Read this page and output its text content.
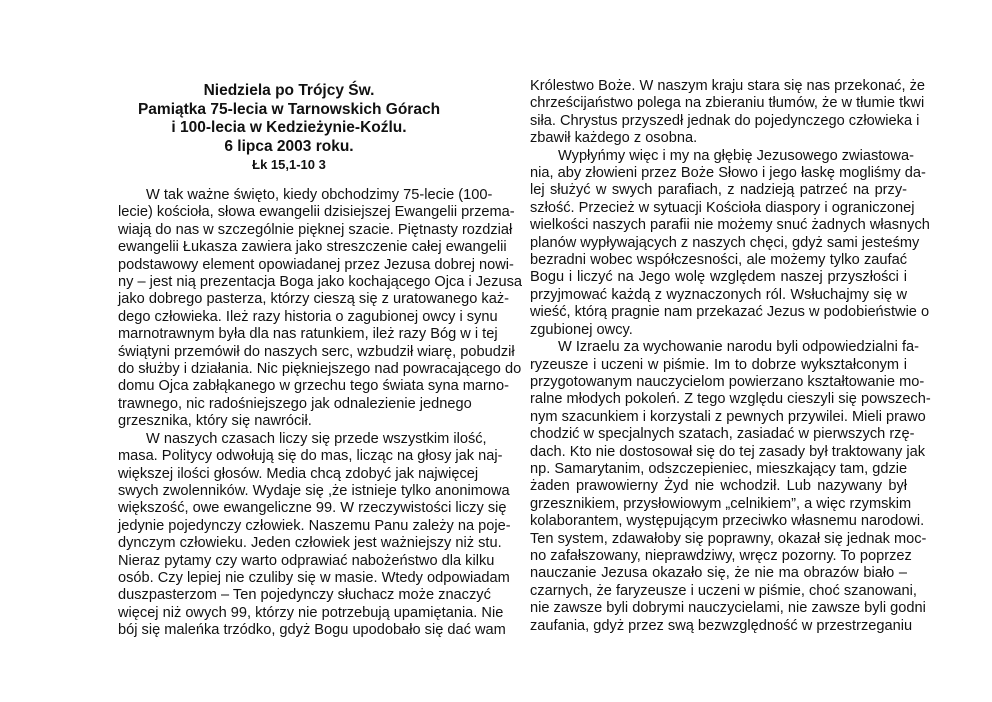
Niedziela po Trójcy Św.
Pamiątka 75-lecia w Tarnowskich Górach
i 100-lecia w Kedzieżynie-Koźlu.
6 lipca 2003 roku.
Łk 15,1-10 3
W tak ważne święto, kiedy obchodzimy 75-lecie (100-
lecie) kościoła, słowa ewangelii dzisiejszej Ewangelii przema-
wiają do nas w szczególnie pięknej szacie. Piętnasty rozdział
ewangelii Łukasza zawiera jako streszczenie całej ewangelii
podstawowy element opowiadanej przez Jezusa dobrej nowi-
ny – jest nią prezentacja Boga jako kochającego Ojca i Jezusa
jako dobrego pasterza, którzy cieszą się z uratowanego każ-
dego człowieka. Ileż razy historia o zagubionej owcy i synu
marnotrawnym była dla nas ratunkiem, ileż razy Bóg w i tej
świątyni przemówił do naszych serc, wzbudził wiarę, pobudził
do służby i działania. Nic piękniejszego nad powracającego do
domu Ojca zabłąkanego w grzechu tego świata syna marno-
trawnego, nic radośniejszego jak odnalezienie jednego
grzesznika, który się nawrócił.
W naszych czasach liczy się przede wszystkim ilość,
masa. Politycy odwołują się do mas, licząc na głosy jak naj-
większej ilości głosów. Media chcą zdobyć jak najwięcej
swych zwolenników. Wydaje się ,że istnieje tylko anonimowa
większość, owe ewangeliczne 99. W rzeczywistości liczy się
jedynie pojedynczy człowiek. Naszemu Panu zależy na poje-
dynczym człowieku. Jeden człowiek jest ważniejszy niż stu.
Nieraz pytamy czy warto odprawiać nabożeństwo dla kilku
osób. Czy lepiej nie czuliby się w masie. Wtedy odpowiadam
duszpasterzom – Ten pojedynczy słuchacz może znaczyć
więcej niż owych 99, którzy nie potrzebują upamiętania. Nie
bój się maleńka trzódko, gdyż Bogu upodobało się dać wam
Królestwo Boże. W naszym kraju stara się nas przekonać, że
chrześcijaństwo polega na zbieraniu tłumów, że w tłumie tkwi
siła. Chrystus przyszedł jednak do pojedynczego człowieka i
zbawił każdego z osobna.
Wypłyńmy więc i my na głębię Jezusowego zwiastowa-
nia, aby złowieni przez Boże Słowo i jego łaskę mogliśmy da-
lej służyć w swych parafiach, z nadzieją patrzeć na przy-
szłość. Przecież w sytuacji Kościoła diaspory i ograniczonej
wielkości naszych parafii nie możemy snuć żadnych własnych
planów wypływających z naszych chęci, gdyż sami jesteśmy
bezradni wobec współczesności, ale możemy tylko zaufać
Bogu i liczyć na Jego wolę względem naszej przyszłości i
przyjmować każdą z wyznaczonych ról. Wsłuchajmy się w
wieść, którą pragnie nam przekazać Jezus w podobieństwie o
zgubionej owcy.
W Izraelu za wychowanie narodu byli odpowiedzialni fa-
ryzeusze i uczeni w piśmie. Im to dobrze wykształconym i
przygotowanym nauczycielom powierzano kształtowanie mo-
ralne młodych pokoleń. Z tego względu cieszyli się powszech-
nym szacunkiem i korzystali z pewnych przywilei. Mieli prawo
chodzić w specjalnych szatach, zasiadać w pierwszych rzę-
dach. Kto nie dostosował się do tej zasady był traktowany jak
np. Samarytanim, odszczepieniec, mieszkający tam, gdzie
żaden prawowierny Żyd nie wchodził. Lub nazywany był
grzesznikiem, przysłowiowym „celnikiem”, a więc rzymskim
kolaborantem, występującym przeciwko własnemu narodowi.
Ten system, zdawałoby się poprawny, okazał się jednak moc-
no zafałszowany, nieprawdziwy, wręcz pozorny. To poprzez
nauczanie Jezusa okazało się, że nie ma obrazów biało –
czarnych, że faryzeusze i uczeni w piśmie, choć szanowani,
nie zawsze byli dobrymi nauczycielami, nie zawsze byli godni
zaufania, gdyż przez swą bezwzględność w przestrzeganiu
